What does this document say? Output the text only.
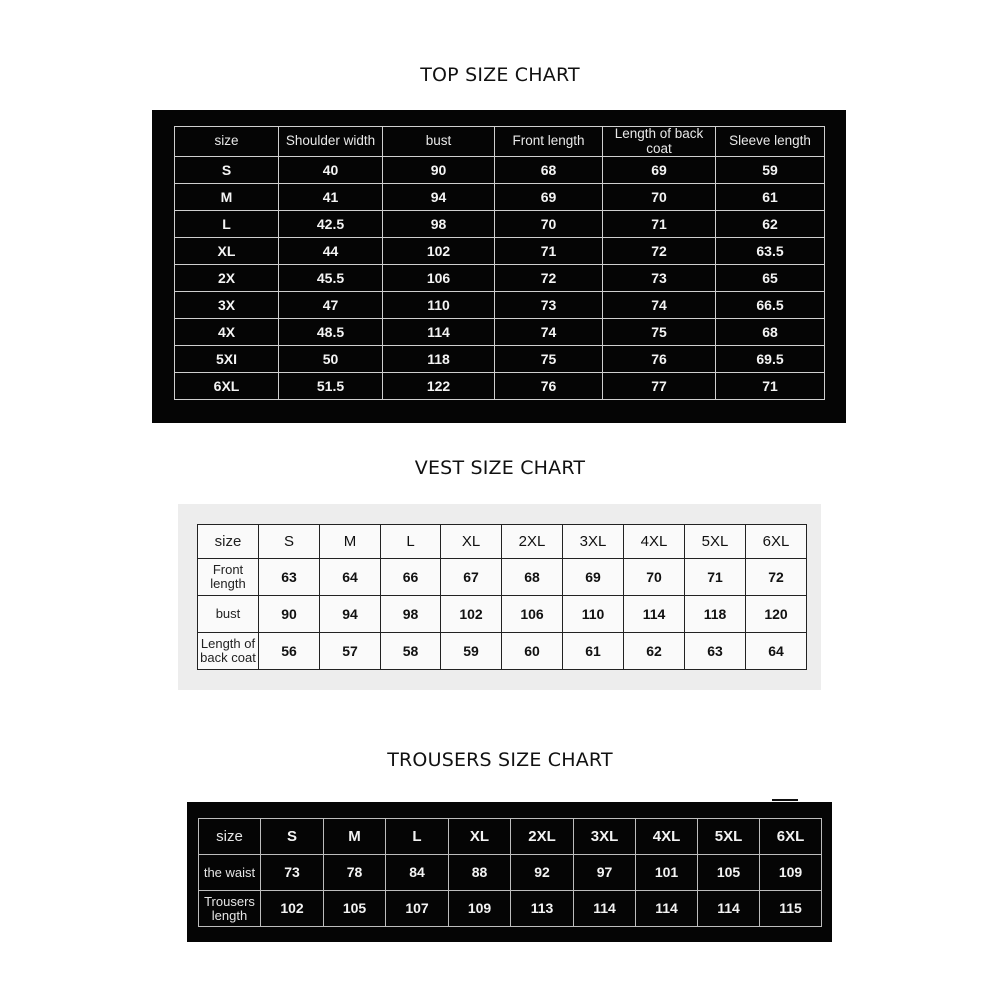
TOP SIZE CHART
size	Shoulder width	bust	Front length	Length of back coat	Sleeve length
S	40	90	68	69	59
M	41	94	69	70	61
L	42.5	98	70	71	62
XL	44	102	71	72	63.5
2X	45.5	106	72	73	65
3X	47	110	73	74	66.5
4X	48.5	114	74	75	68
5XI	50	118	75	76	69.5
6XL	51.5	122	76	77	71
VEST SIZE CHART
size	S	M	L	XL	2XL	3XL	4XL	5XL	6XL
Front length	63	64	66	67	68	69	70	71	72
bust	90	94	98	102	106	110	114	118	120
Length of back coat	56	57	58	59	60	61	62	63	64
TROUSERS SIZE CHART
size	S	M	L	XL	2XL	3XL	4XL	5XL	6XL
the waist	73	78	84	88	92	97	101	105	109
Trousers length	102	105	107	109	113	114	114	114	115
